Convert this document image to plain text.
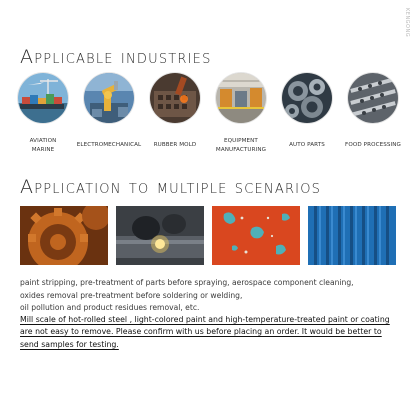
KENGONG
Applicable industries
AVIATION
MARINE
ELECTROMECHANICAL	RUBBER MOLD
EQUIPMENT
MANUFACTURING
AUTO PARTS	FOOD PROCESSING
Application to multiple scenarios
paint stripping, pre-treatment of parts before spraying, aerospace component cleaning,
oxides removal pre-treatment before soldering or welding,
oil pollution and product residues removal, etc.
Mill scale of hot-rolled steel , light-colored paint and high-temperature-treated paint or coating
are not easy to remove. Please confirm with us before placing an order. It would be better to
send samples for testing.
